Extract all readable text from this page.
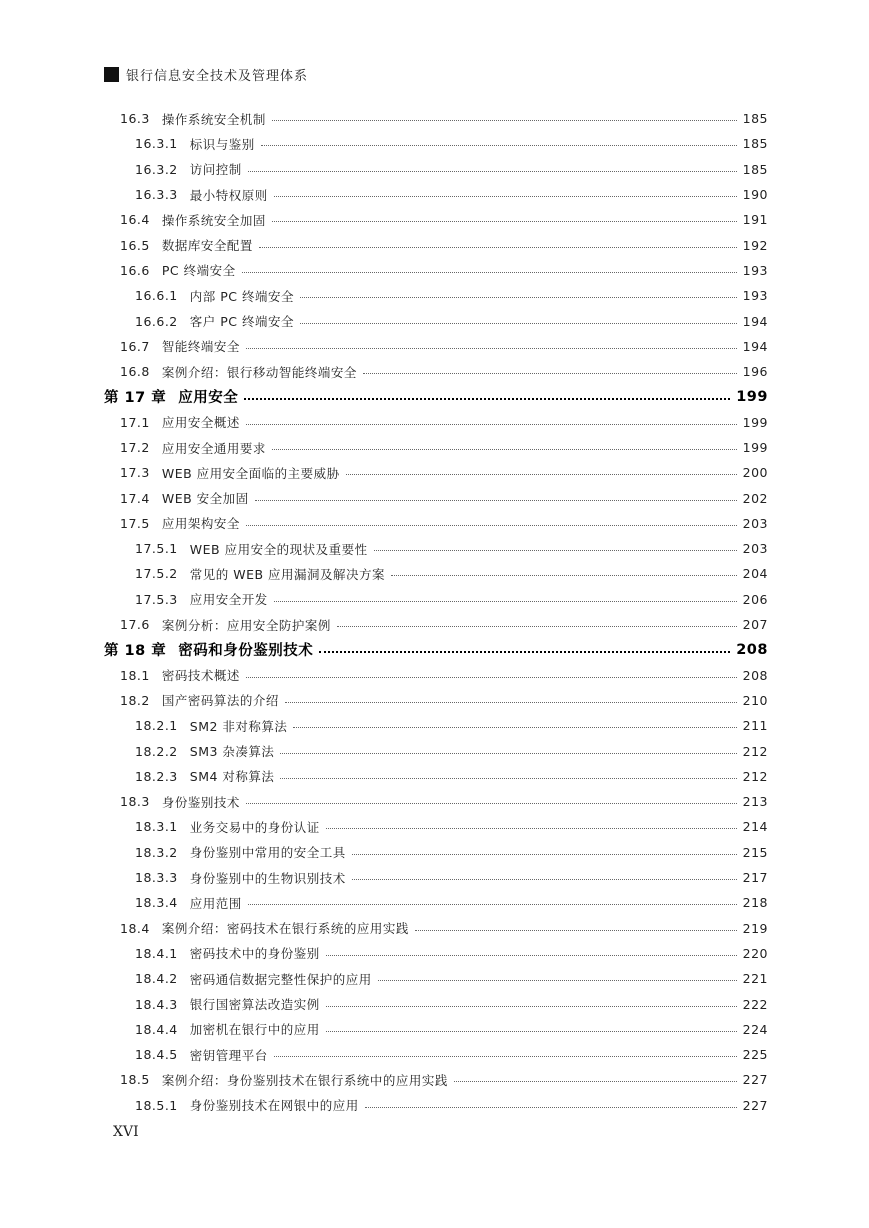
银行信息安全技术及管理体系
16.3 操作系统安全机制	185
16.3.1 标识与鉴别	185
16.3.2 访问控制	185
16.3.3 最小特权原则	190
16.4 操作系统安全加固	191
16.5 数据库安全配置	192
16.6 PC 终端安全	193
16.6.1 内部 PC 终端安全	193
16.6.2 客户 PC 终端安全	194
16.7 智能终端安全	194
16.8 案例介绍：银行移动智能终端安全	196
第 17 章 应用安全	199
17.1 应用安全概述	199
17.2 应用安全通用要求	199
17.3 WEB 应用安全面临的主要威胁	200
17.4 WEB 安全加固	202
17.5 应用架构安全	203
17.5.1 WEB 应用安全的现状及重要性	203
17.5.2 常见的 WEB 应用漏洞及解决方案	204
17.5.3 应用安全开发	206
17.6 案例分析：应用安全防护案例	207
第 18 章 密码和身份鉴别技术	208
18.1 密码技术概述	208
18.2 国产密码算法的介绍	210
18.2.1 SM2 非对称算法	211
18.2.2 SM3 杂凑算法	212
18.2.3 SM4 对称算法	212
18.3 身份鉴别技术	213
18.3.1 业务交易中的身份认证	214
18.3.2 身份鉴别中常用的安全工具	215
18.3.3 身份鉴别中的生物识别技术	217
18.3.4 应用范围	218
18.4 案例介绍：密码技术在银行系统的应用实践	219
18.4.1 密码技术中的身份鉴别	220
18.4.2 密码通信数据完整性保护的应用	221
18.4.3 银行国密算法改造实例	222
18.4.4 加密机在银行中的应用	224
18.4.5 密钥管理平台	225
18.5 案例介绍：身份鉴别技术在银行系统中的应用实践	227
18.5.1 身份鉴别技术在网银中的应用	227
XVI
